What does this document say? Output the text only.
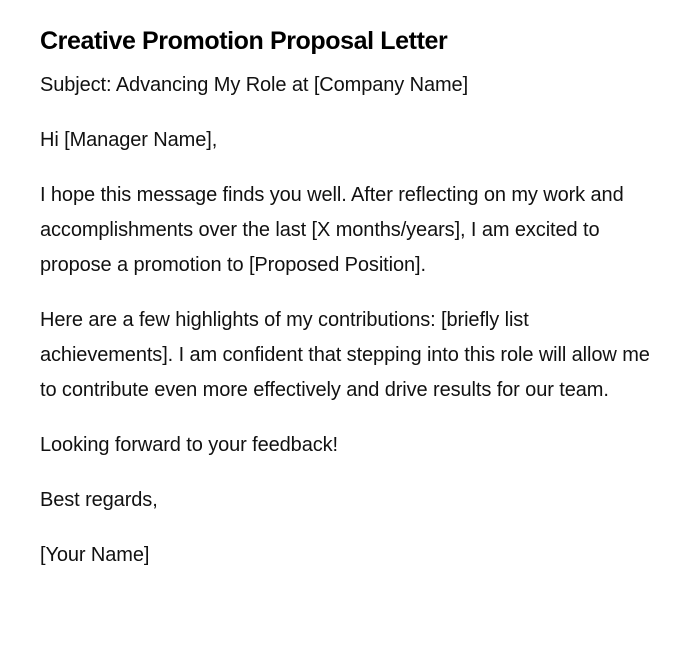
Creative Promotion Proposal Letter

Subject: Advancing My Role at [Company Name]

Hi [Manager Name],

I hope this message finds you well. After reflecting on my work and accomplishments over the last [X months/years], I am excited to propose a promotion to [Proposed Position].

Here are a few highlights of my contributions: [briefly list achievements]. I am confident that stepping into this role will allow me to contribute even more effectively and drive results for our team.

Looking forward to your feedback!

Best regards,

[Your Name]
